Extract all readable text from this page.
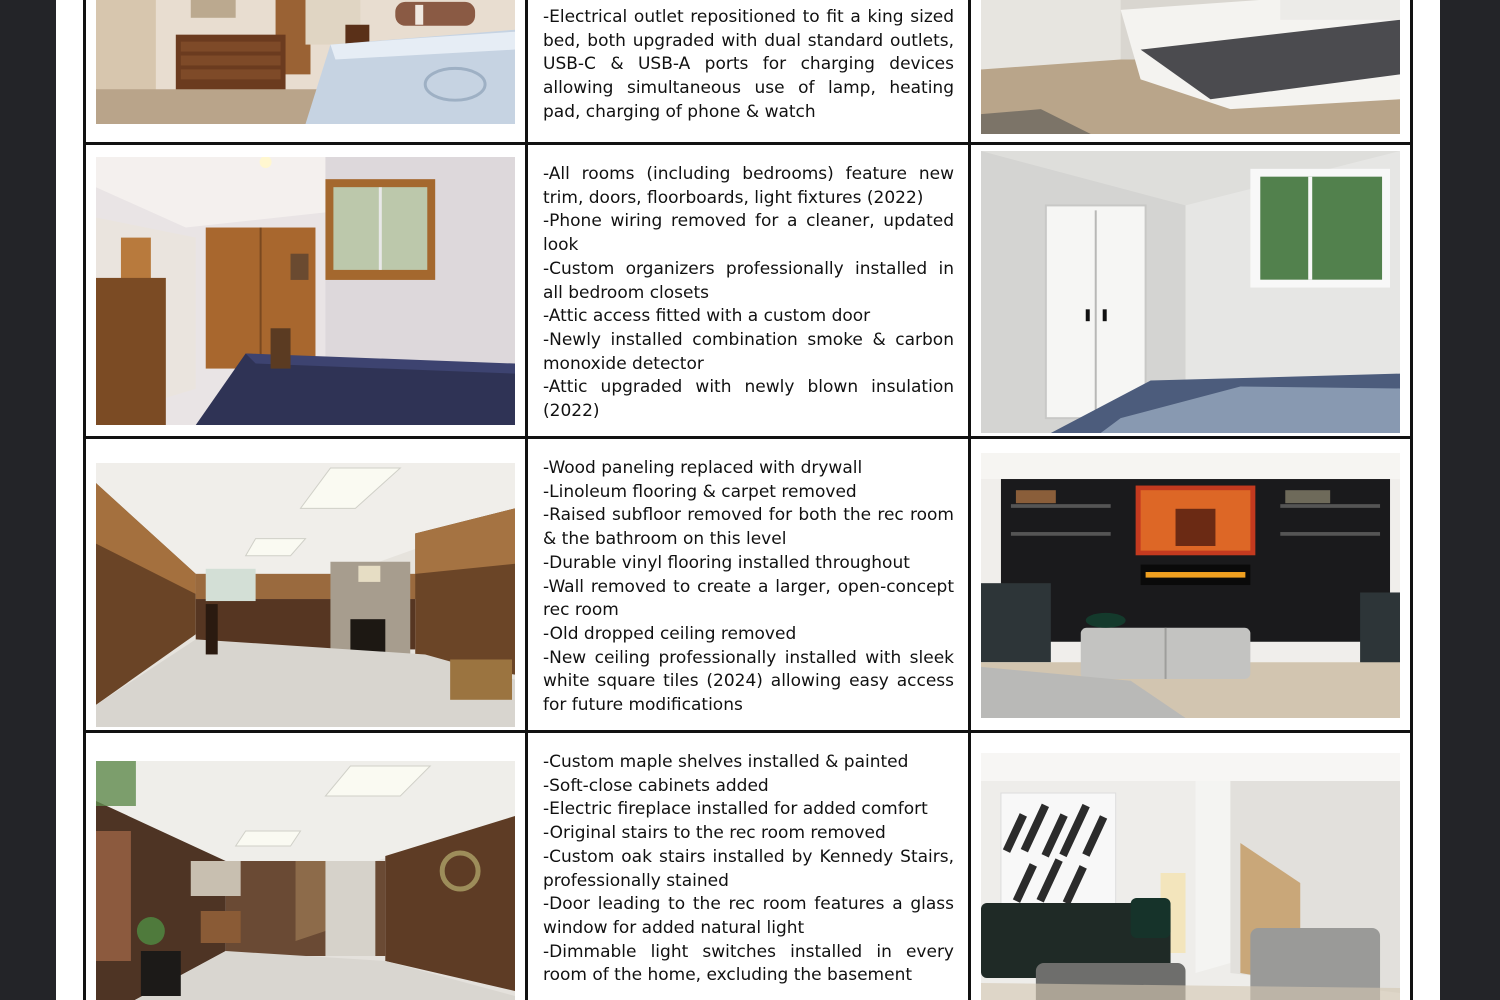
-Electrical outlet repositioned to fit a king sized bed, both upgraded with dual standard outlets, USB-C & USB-A ports for charging devices allowing simultaneous use of lamp, heating pad, charging of phone & watch
-All rooms (including bedrooms) feature new trim, doors, floorboards, light fixtures (2022)
-Phone wiring removed for a cleaner, updated look
-Custom organizers professionally installed in all bedroom closets
-Attic access fitted with a custom door
-Newly installed combination smoke & carbon monoxide detector
-Attic upgraded with newly blown insulation (2022)
-Wood paneling replaced with drywall
-Linoleum flooring & carpet removed
-Raised subfloor removed for both the rec room & the bathroom on this level
-Durable vinyl flooring installed throughout
-Wall removed to create a larger, open-concept rec room
-Old dropped ceiling removed
-New ceiling professionally installed with sleek white square tiles (2024) allowing easy access for future modifications
-Custom maple shelves installed & painted
-Soft-close cabinets added
-Electric fireplace installed for added comfort
-Original stairs to the rec room removed
-Custom oak stairs installed by Kennedy Stairs, professionally stained
-Door leading to the rec room features a glass window for added natural light
-Dimmable light switches installed in every room of the home, excluding the basement
